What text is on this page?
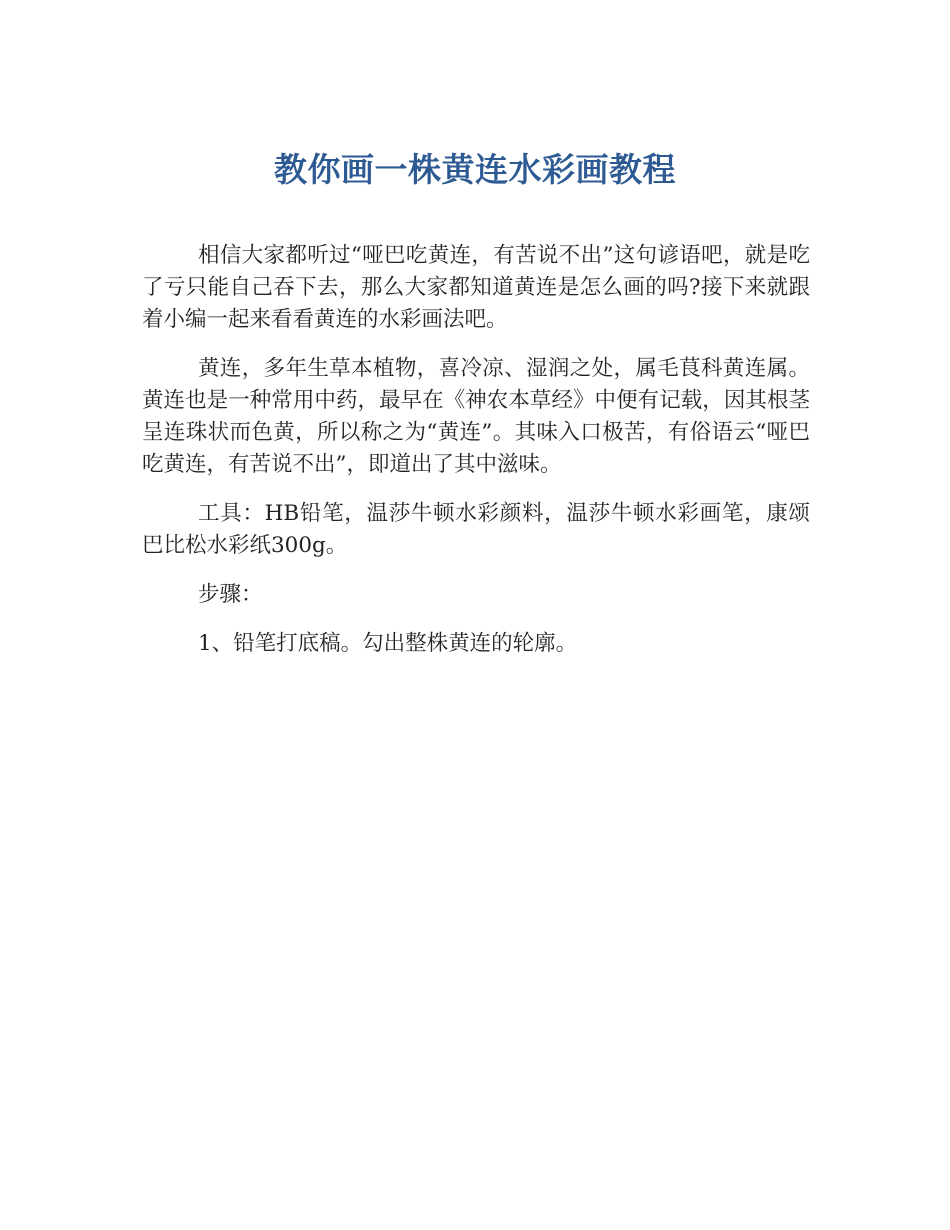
教你画一株黄连水彩画教程

相信大家都听过“哑巴吃黄连，有苦说不出”这句谚语吧，就是吃了亏只能自己吞下去，那么大家都知道黄连是怎么画的吗?接下来就跟着小编一起来看看黄连的水彩画法吧。

黄连，多年生草本植物，喜冷凉、湿润之处，属毛茛科黄连属。黄连也是一种常用中药，最早在《神农本草经》中便有记载，因其根茎呈连珠状而色黄，所以称之为“黄连”。其味入口极苦，有俗语云“哑巴吃黄连，有苦说不出”，即道出了其中滋味。

工具：HB铅笔，温莎牛顿水彩颜料，温莎牛顿水彩画笔，康颂巴比松水彩纸300g。

步骤：

1、铅笔打底稿。勾出整株黄连的轮廓。
